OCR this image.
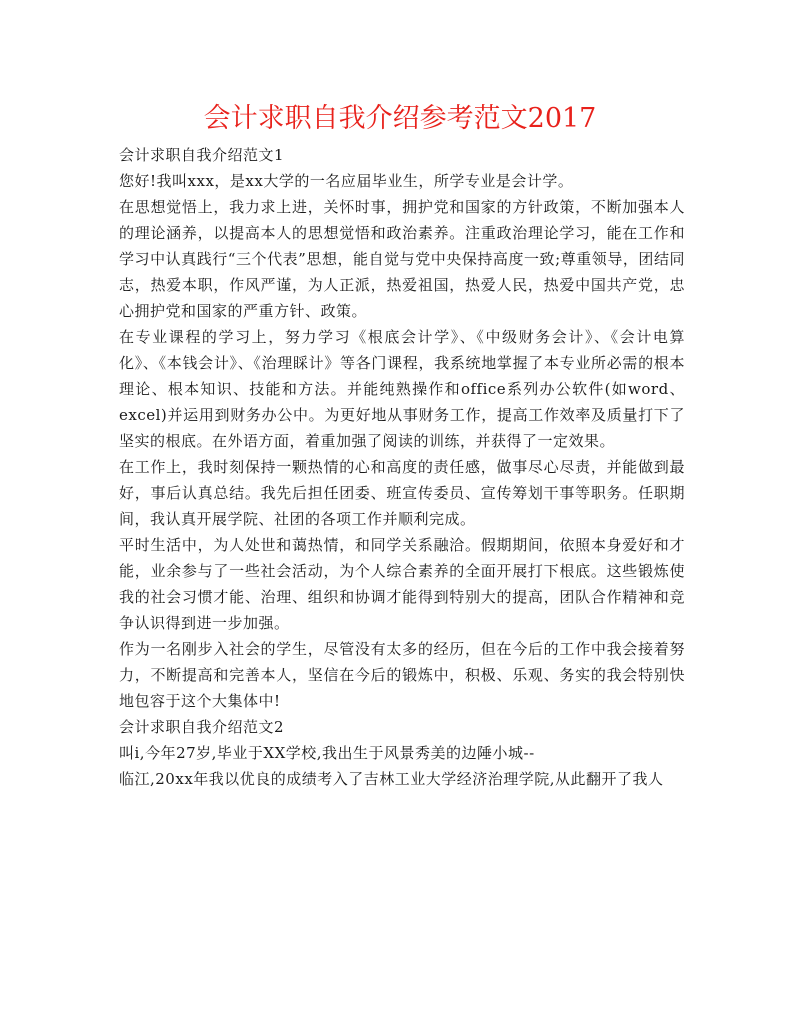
会计求职自我介绍参考范文2017

会计求职自我介绍范文1

您好!我叫xxx，是xx大学的一名应届毕业生，所学专业是会计学。

在思想觉悟上，我力求上进，关怀时事，拥护党和国家的方针政策，不断加强本人的理论涵养，以提高本人的思想觉悟和政治素养。注重政治理论学习，能在工作和学习中认真践行“三个代表”思想，能自觉与党中央保持高度一致;尊重领导，团结同志，热爱本职，作风严谨，为人正派，热爱祖国，热爱人民，热爱中国共产党，忠心拥护党和国家的严重方针、政策。

在专业课程的学习上，努力学习《根底会计学》、《中级财务会计》、《会计电算化》、《本钱会计》、《治理睬计》等各门课程，我系统地掌握了本专业所必需的根本理论、根本知识、技能和方法。并能纯熟操作和office系列办公软件(如word、excel)并运用到财务办公中。为更好地从事财务工作，提高工作效率及质量打下了坚实的根底。在外语方面，着重加强了阅读的训练，并获得了一定效果。

在工作上，我时刻保持一颗热情的心和高度的责任感，做事尽心尽责，并能做到最好，事后认真总结。我先后担任团委、班宣传委员、宣传筹划干事等职务。任职期间，我认真开展学院、社团的各项工作并顺利完成。

平时生活中，为人处世和蔼热情，和同学关系融洽。假期期间，依照本身爱好和才能，业余参与了一些社会活动，为个人综合素养的全面开展打下根底。这些锻炼使我的社会习惯才能、治理、组织和协调才能得到特别大的提高，团队合作精神和竞争认识得到进一步加强。

作为一名刚步入社会的学生，尽管没有太多的经历，但在今后的工作中我会接着努力，不断提高和完善本人，坚信在今后的锻炼中，积极、乐观、务实的我会特别快地包容于这个大集体中!

会计求职自我介绍范文2

叫i,今年27岁,毕业于XX学校,我出生于风景秀美的边陲小城--

临江,20xx年我以优良的成绩考入了吉林工业大学经济治理学院,从此翻开了我人
